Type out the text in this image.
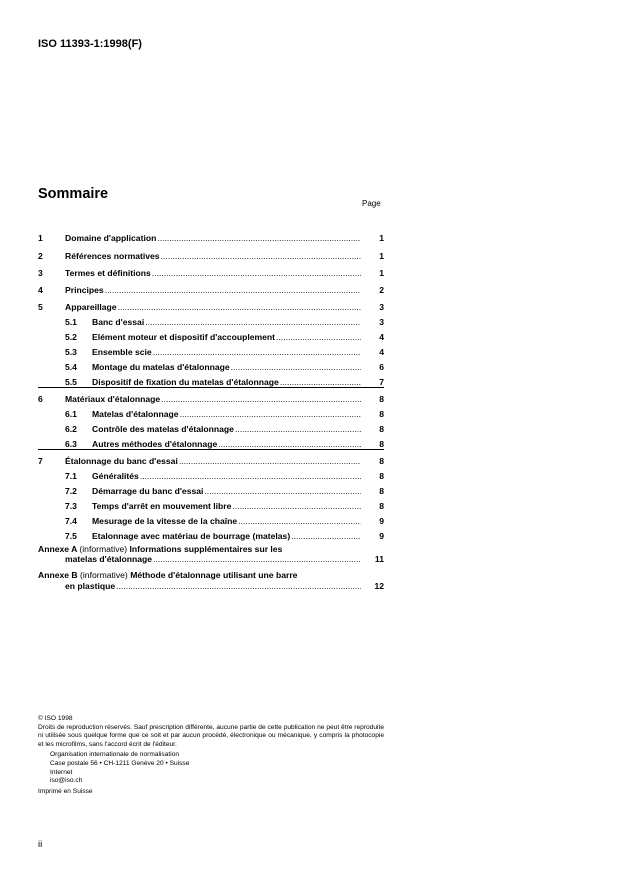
ISO 11393-1:1998(F)
Sommaire
Page
1	Domaine d'application .....	1
2	Références normatives .....	1
3	Termes et définitions .....	1
4	Principes .....	2
5	Appareillage .....	3
5.1	Banc d'essai .....	3
5.2	Elément moteur et dispositif d'accouplement .....	4
5.3	Ensemble scie .....	4
5.4	Montage du matelas d'étalonnage .....	6
5.5	Dispositif de fixation du matelas d'étalonnage .....	7
6	Matériaux d'étalonnage .....	8
6.1	Matelas d'étalonnage .....	8
6.2	Contrôle des matelas d'étalonnage .....	8
6.3	Autres méthodes d'étalonnage .....	8
7	Étalonnage du banc d'essai .....	8
7.1	Généralités .....	8
7.2	Démarrage du banc d'essai .....	8
7.3	Temps d'arrêt en mouvement libre .....	8
7.4	Mesurage de la vitesse de la chaîne .....	9
7.5	Etalonnage avec matériau de bourrage (matelas) .....	9
Annexe A (informative) Informations supplémentaires sur les
matelas d'étalonnage .....	11
Annexe B (informative) Méthode d'étalonnage utilisant une barre
en plastique .....	12

© ISO 1998

Droits de reproduction réservés. Sauf prescription différente, aucune partie de cette publication ne peut être reproduite ni utilisée sous quelque forme que ce soit et par aucun procédé, électronique ou mécanique, y compris la photocopie et les microfilms, sans l'accord écrit de l'éditeur.

Organisation internationale de normalisation
Case postale 56 • CH-1211 Genève 20 • Suisse
Internet
iso@iso.ch

Imprimé en Suisse

ii
